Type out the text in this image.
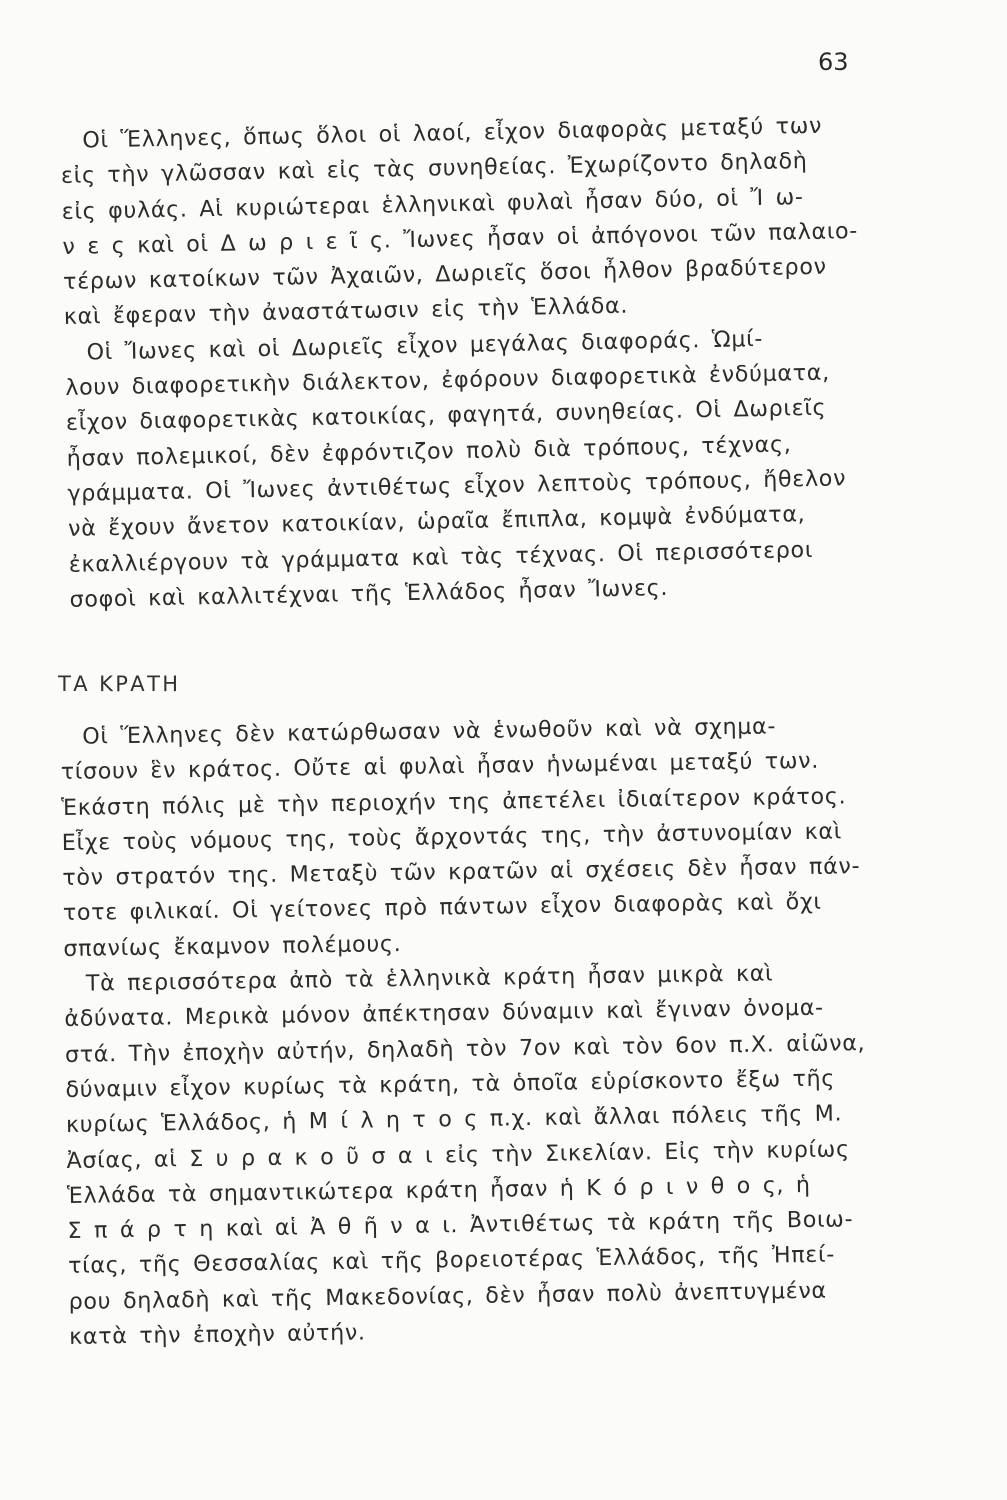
63
Οἱ Ἕλληνες, ὅπως ὅλοι οἱ λαοί, εἶχον διαφορὰς μεταξύ των
εἰς τὴν γλῶσσαν καὶ εἰς τὰς συνηθείας. Ἐχωρίζοντο δηλαδὴ
εἰς φυλάς. Αἱ κυριώτεραι ἑλληνικαὶ φυλαὶ ἦσαν δύο, οἱ Ἴ ω-
ν ε ς καὶ οἱ Δ ω ρ ι ε ῖ ς. Ἴωνες ἦσαν οἱ ἀπόγονοι τῶν παλαιο-
τέρων κατοίκων τῶν Ἀχαιῶν, Δωριεῖς ὅσοι ἦλθον βραδύτερον
καὶ ἔφεραν τὴν ἀναστάτωσιν εἰς τὴν Ἑλλάδα.
Οἱ Ἴωνες καὶ οἱ Δωριεῖς εἶχον μεγάλας διαφοράς. Ὡμί-
λουν διαφορετικὴν διάλεκτον, ἐφόρουν διαφορετικὰ ἐνδύματα,
εἶχον διαφορετικὰς κατοικίας, φαγητά, συνηθείας. Οἱ Δωριεῖς
ἦσαν πολεμικοί, δὲν ἐφρόντιζον πολὺ διὰ τρόπους, τέχνας,
γράμματα. Οἱ Ἴωνες ἀντιθέτως εἶχον λεπτοὺς τρόπους, ἤθελον
νὰ ἔχουν ἄνετον κατοικίαν, ὡραῖα ἔπιπλα, κομψὰ ἐνδύματα,
ἐκαλλιέργουν τὰ γράμματα καὶ τὰς τέχνας. Οἱ περισσότεροι
σοφοὶ καὶ καλλιτέχναι τῆς Ἑλλάδος ἦσαν Ἴωνες.
ΤΑ ΚΡΑΤΗ
Οἱ Ἕλληνες δὲν κατώρθωσαν νὰ ἑνωθοῦν καὶ νὰ σχημα-
τίσουν ἓν κράτος. Οὔτε αἱ φυλαὶ ἦσαν ἡνωμέναι μεταξύ των.
Ἑκάστη πόλις μὲ τὴν περιοχήν της ἀπετέλει ἰδιαίτερον κράτος.
Εἶχε τοὺς νόμους της, τοὺς ἄρχοντάς της, τὴν ἀστυνομίαν καὶ
τὸν στρατόν της. Μεταξὺ τῶν κρατῶν αἱ σχέσεις δὲν ἦσαν πάν-
τοτε φιλικαί. Οἱ γείτονες πρὸ πάντων εἶχον διαφορὰς καὶ ὄχι
σπανίως ἔκαμνον πολέμους.
Τὰ περισσότερα ἀπὸ τὰ ἑλληνικὰ κράτη ἦσαν μικρὰ καὶ
ἀδύνατα. Μερικὰ μόνον ἀπέκτησαν δύναμιν καὶ ἔγιναν ὀνομα-
στά. Τὴν ἐποχὴν αὐτήν, δηλαδὴ τὸν 7ον καὶ τὸν 6ον π.Χ. αἰῶνα,
δύναμιν εἶχον κυρίως τὰ κράτη, τὰ ὁποῖα εὑρίσκοντο ἔξω τῆς
κυρίως Ἑλλάδος, ἡ Μ ί λ η τ ο ς π.χ. καὶ ἄλλαι πόλεις τῆς Μ.
Ἀσίας, αἱ Σ υ ρ α κ ο ῦ σ α ι εἰς τὴν Σικελίαν. Εἰς τὴν κυρίως
Ἑλλάδα τὰ σημαντικώτερα κράτη ἦσαν ἡ Κ ό ρ ι ν θ ο ς, ἡ
Σ π ά ρ τ η καὶ αἱ Ἀ θ ῆ ν α ι. Ἀντιθέτως τὰ κράτη τῆς Βοιω-
τίας, τῆς Θεσσαλίας καὶ τῆς βορειοτέρας Ἑλλάδος, τῆς Ἠπεί-
ρου δηλαδὴ καὶ τῆς Μακεδονίας, δὲν ἦσαν πολὺ ἀνεπτυγμένα
κατὰ τὴν ἐποχὴν αὐτήν.
